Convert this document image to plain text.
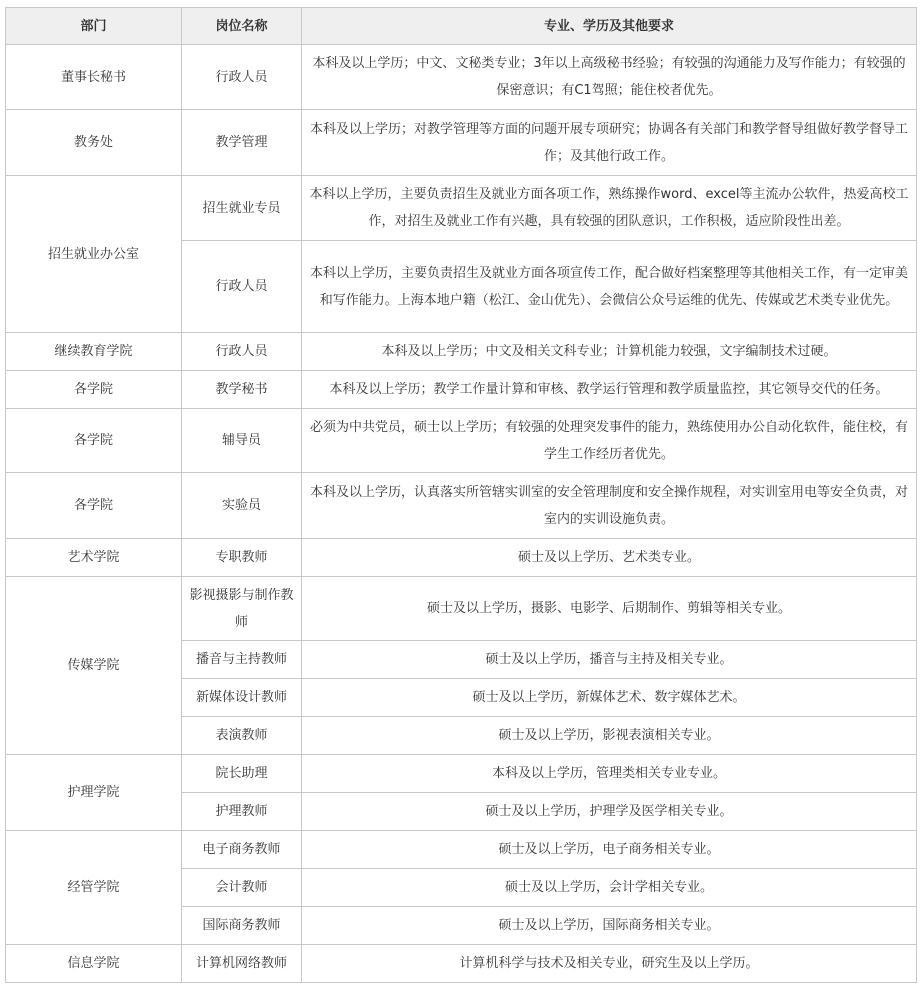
部门	岗位名称	专业、学历及其他要求
董事长秘书	行政人员	本科及以上学历；中文、文秘类专业；3年以上高级秘书经验；有较强的沟通能力及写作能力；有较强的保密意识；有C1驾照；能住校者优先。
教务处	教学管理	本科及以上学历；对教学管理等方面的问题开展专项研究；协调各有关部门和教学督导组做好教学督导工作；及其他行政工作。
招生就业办公室	招生就业专员	本科以上学历，主要负责招生及就业方面各项工作，熟练操作word、excel等主流办公软件，热爱高校工作，对招生及就业工作有兴趣，具有较强的团队意识，工作积极，适应阶段性出差。
	行政人员	本科以上学历，主要负责招生及就业方面各项宣传工作，配合做好档案整理等其他相关工作，有一定审美和写作能力。上海本地户籍（松江、金山优先）、会微信公众号运维的优先、传媒或艺术类专业优先。
继续教育学院	行政人员	本科及以上学历；中文及相关文科专业；计算机能力较强，文字编制技术过硬。
各学院	教学秘书	本科及以上学历；教学工作量计算和审核、教学运行管理和教学质量监控，其它领导交代的任务。
各学院	辅导员	必须为中共党员，硕士以上学历；有较强的处理突发事件的能力，熟练使用办公自动化软件，能住校，有学生工作经历者优先。
各学院	实验员	本科及以上学历，认真落实所管辖实训室的安全管理制度和安全操作规程，对实训室用电等安全负责，对室内的实训设施负责。
艺术学院	专职教师	硕士及以上学历、艺术类专业。
传媒学院	影视摄影与制作教师	硕士及以上学历，摄影、电影学、后期制作、剪辑等相关专业。
	播音与主持教师	硕士及以上学历，播音与主持及相关专业。
	新媒体设计教师	硕士及以上学历，新媒体艺术、数字媒体艺术。
	表演教师	硕士及以上学历，影视表演相关专业。
护理学院	院长助理	本科及以上学历，管理类相关专业专业。
	护理教师	硕士及以上学历，护理学及医学相关专业。
经管学院	电子商务教师	硕士及以上学历，电子商务相关专业。
	会计教师	硕士及以上学历，会计学相关专业。
	国际商务教师	硕士及以上学历，国际商务相关专业。
信息学院	计算机网络教师	计算机科学与技术及相关专业，研究生及以上学历。
